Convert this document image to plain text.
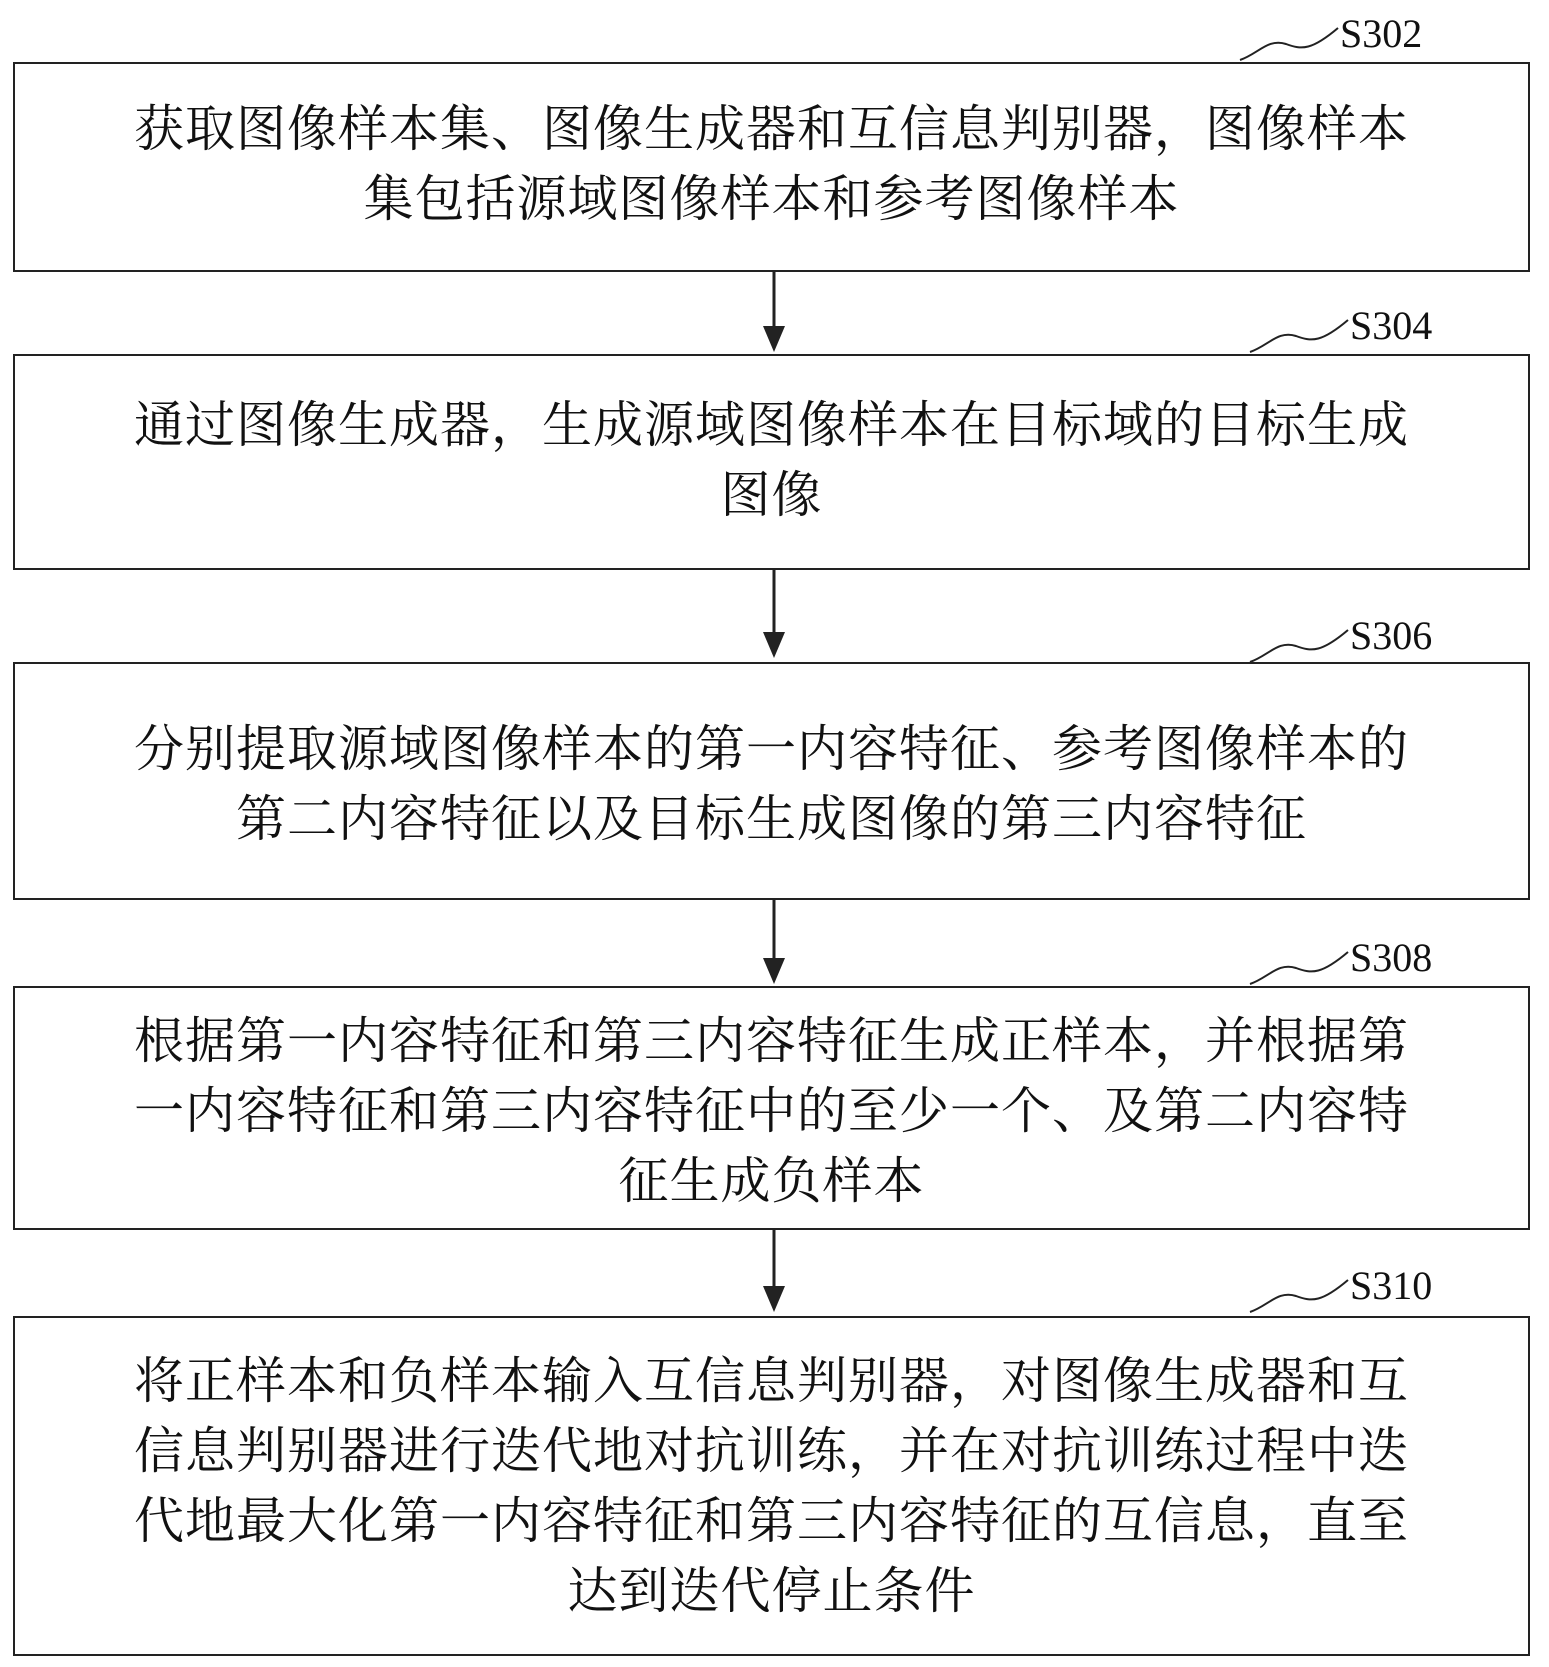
S302
获取图像样本集、图像生成器和互信息判别器，图像样本
集包括源域图像样本和参考图像样本
S304
通过图像生成器，生成源域图像样本在目标域的目标生成
图像
S306
分别提取源域图像样本的第一内容特征、参考图像样本的
第二内容特征以及目标生成图像的第三内容特征
S308
根据第一内容特征和第三内容特征生成正样本，并根据第
一内容特征和第三内容特征中的至少一个、及第二内容特
征生成负样本
S310
将正样本和负样本输入互信息判别器，对图像生成器和互
信息判别器进行迭代地对抗训练，并在对抗训练过程中迭
代地最大化第一内容特征和第三内容特征的互信息，直至
达到迭代停止条件
